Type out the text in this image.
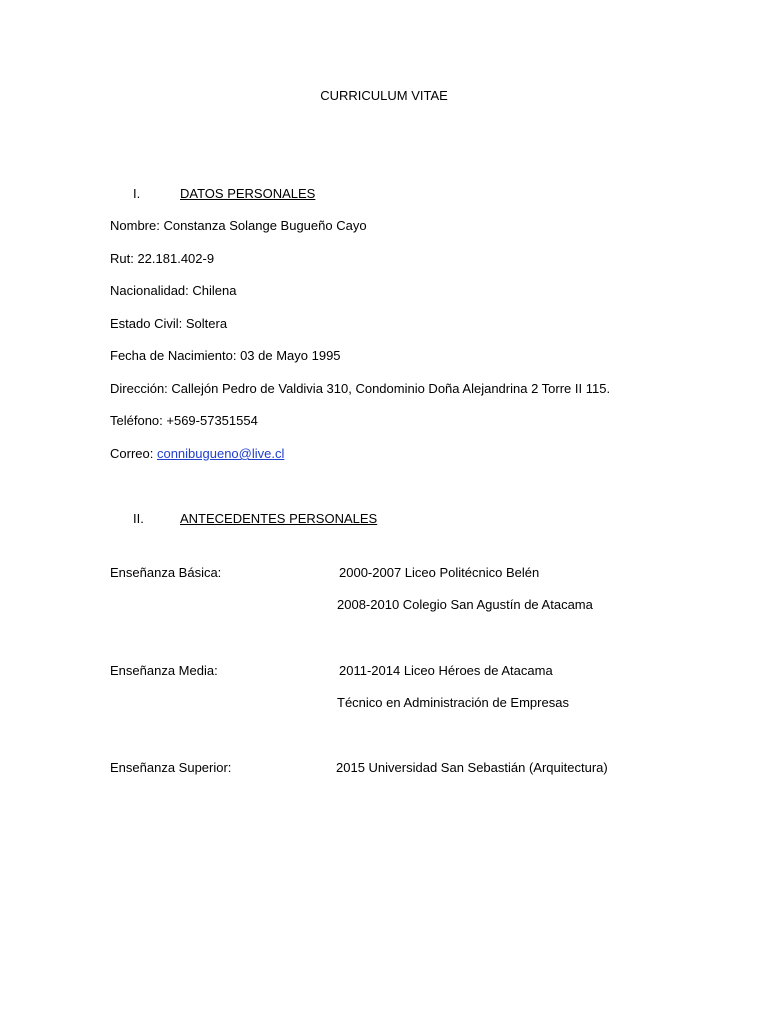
CURRICULUM VITAE
I.	DATOS PERSONALES
Nombre: Constanza Solange Bugueño Cayo
Rut: 22.181.402-9
Nacionalidad: Chilena
Estado Civil: Soltera
Fecha de Nacimiento: 03 de Mayo 1995
Dirección: Callejón Pedro de Valdivia 310, Condominio Doña Alejandrina 2 Torre II 115.
Teléfono: +569-57351554
Correo: connibugueno@live.cl
II.	ANTECEDENTES PERSONALES
Enseñanza Básica:	2000-2007 Liceo Politécnico Belén
2008-2010 Colegio San Agustín de Atacama
Enseñanza Media:	2011-2014 Liceo Héroes de Atacama
Técnico en Administración de Empresas
Enseñanza Superior:	2015 Universidad San Sebastián (Arquitectura)
